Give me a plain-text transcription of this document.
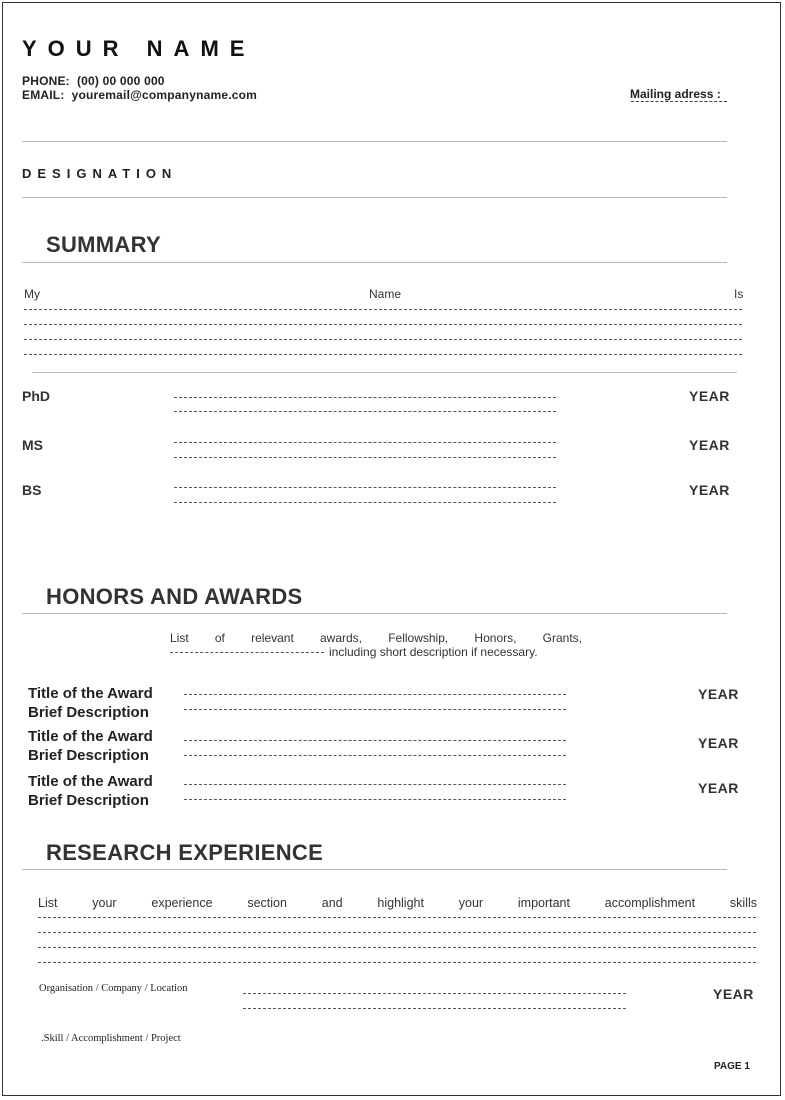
YOUR NAME
PHONE: (00) 00 000 000
EMAIL: youremail@companyname.com	Mailing adress :
DESIGNATION
SUMMARY
My	Name	Is
PhD	YEAR
MS	YEAR
BS	YEAR
HONORS AND AWARDS
List of relevant awards, Fellowship, Honors, Grants,
including short description if necessary.
Title of the Award
Brief Description
YEAR
Title of the Award
Brief Description
YEAR
Title of the Award
Brief Description
YEAR
RESEARCH EXPERIENCE
List your experience section and highlight your important accomplishment skills
Organisation / Company / Location	YEAR
.Skill / Accomplishment / Project
PAGE 1
